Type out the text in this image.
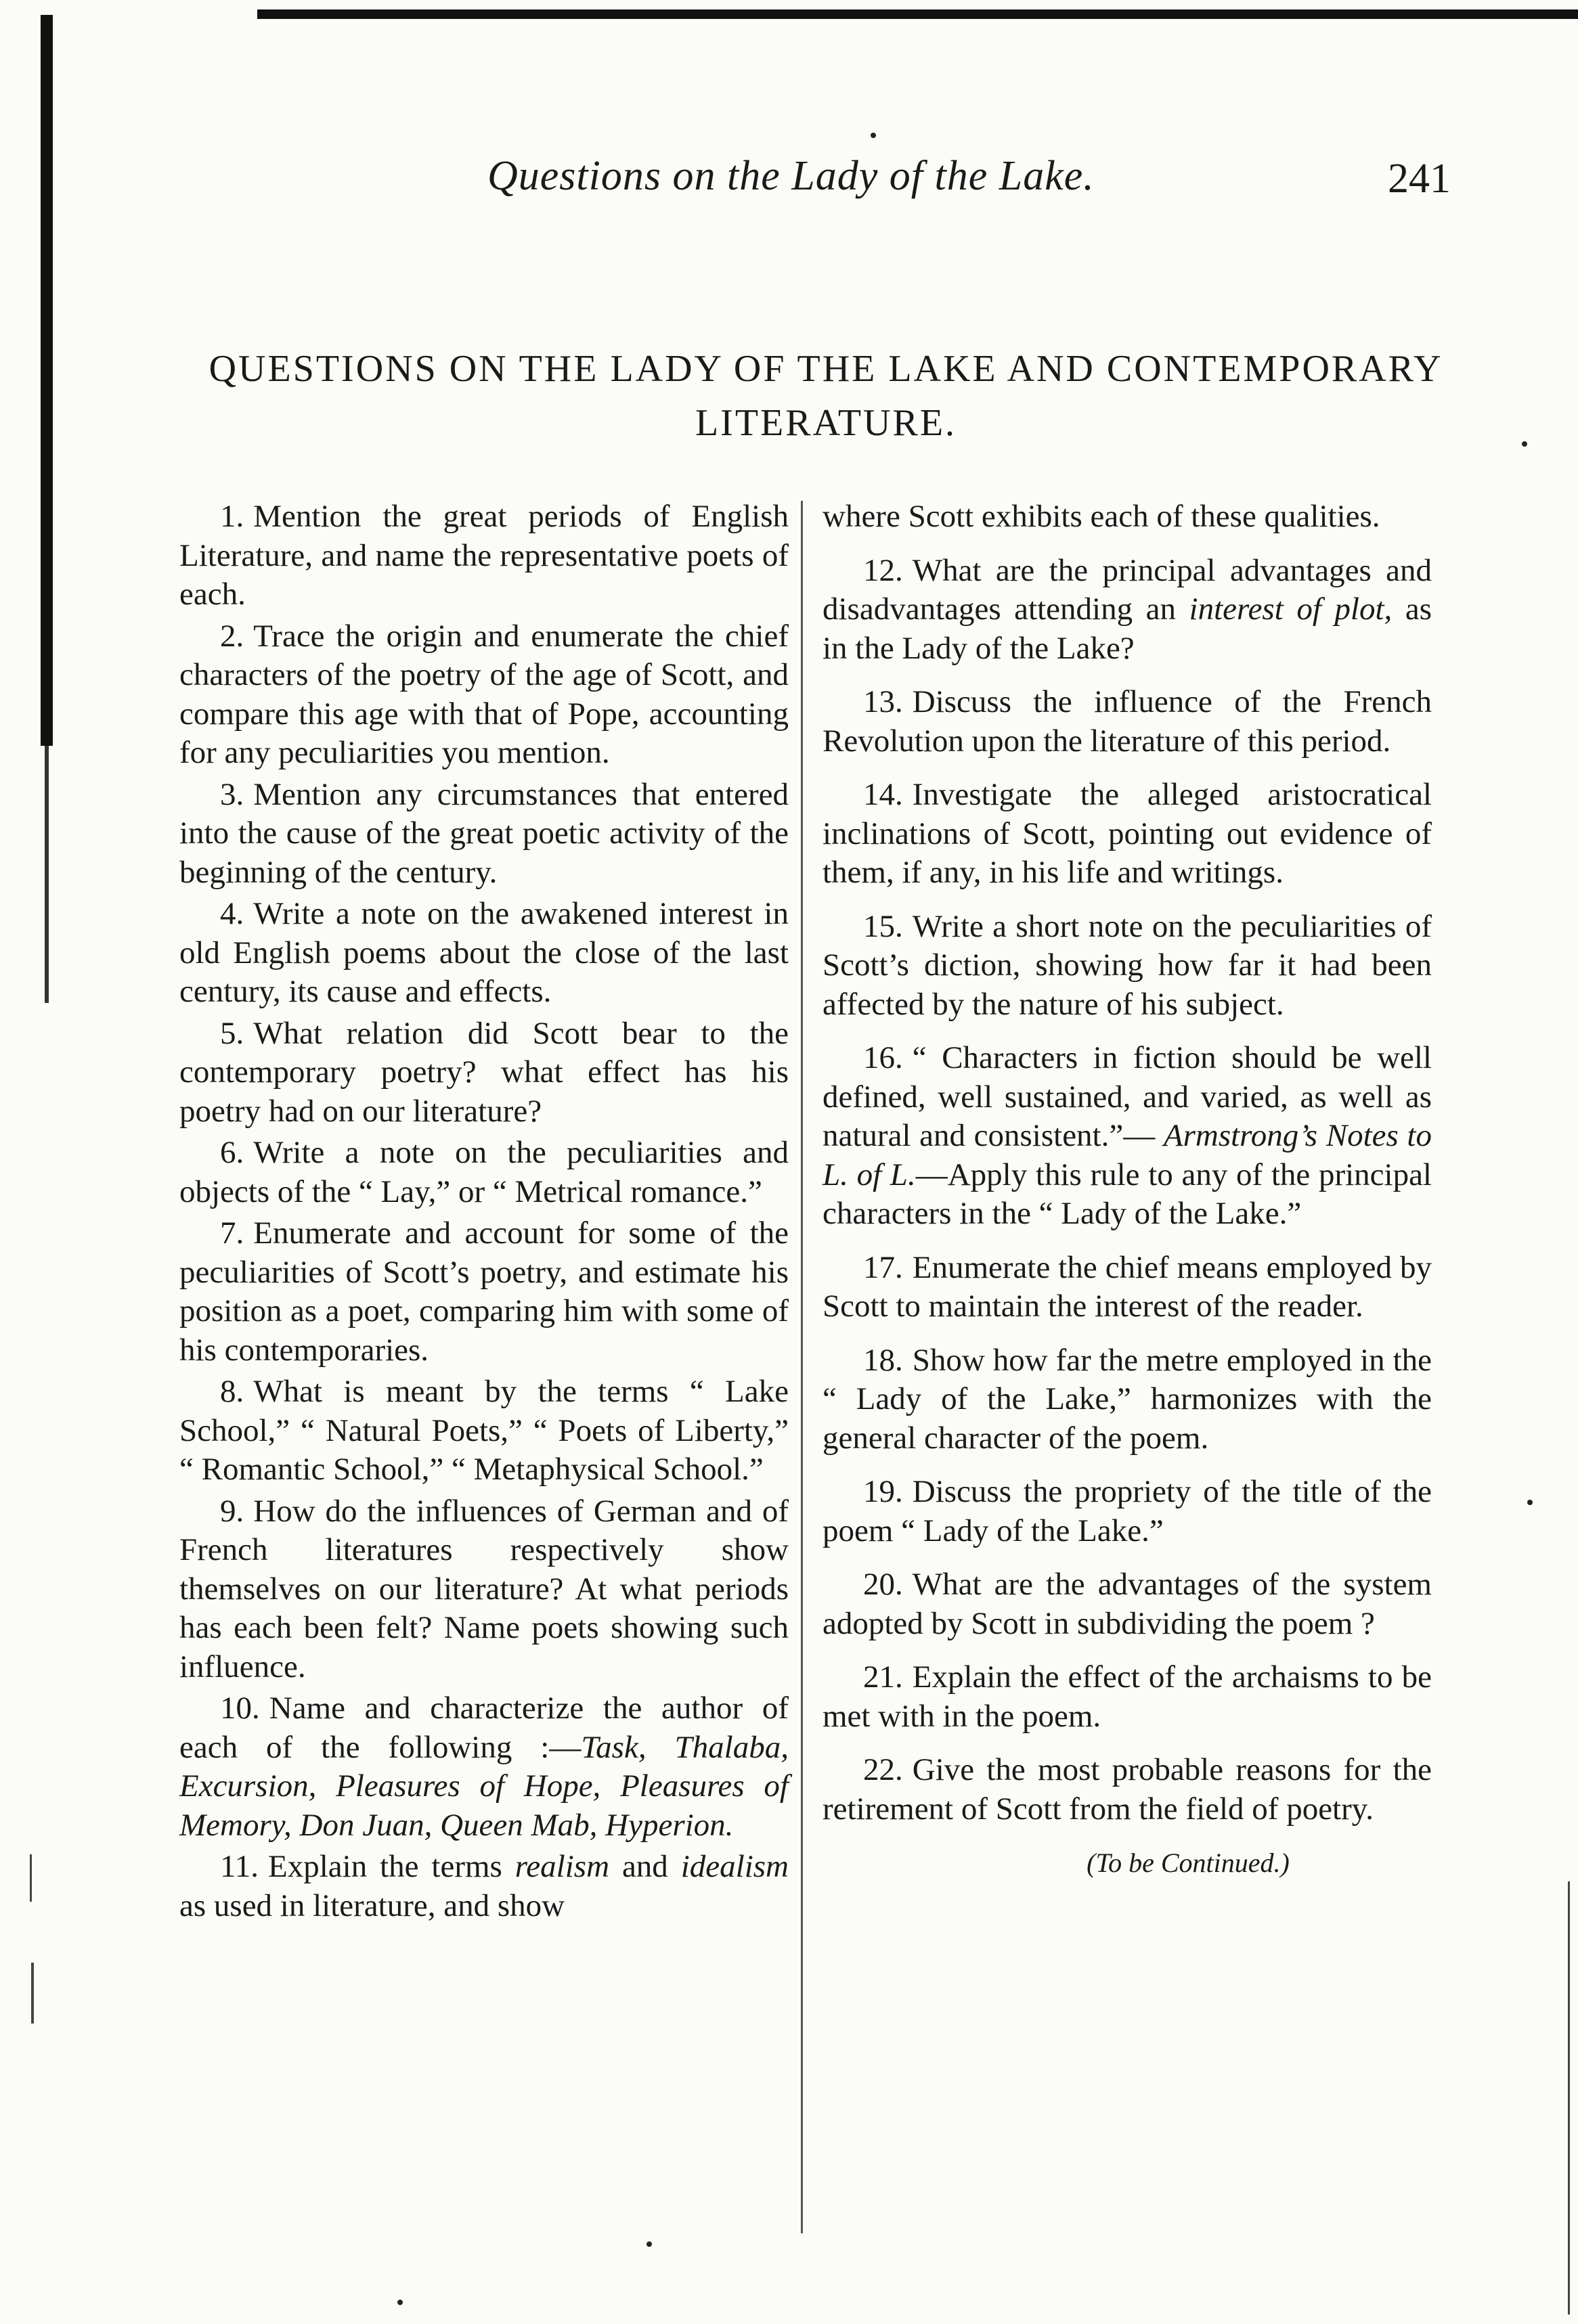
Questions on the Lady of the Lake.	241
QUESTIONS ON THE LADY OF THE LAKE AND CONTEMPORARY LITERATURE.

1. Mention the great periods of English Literature, and name the representative poets of each.

2. Trace the origin and enumerate the chief characters of the poetry of the age of Scott, and compare this age with that of Pope, accounting for any peculiarities you mention.

3. Mention any circumstances that entered into the cause of the great poetic activity of the beginning of the century.

4. Write a note on the awakened interest in old English poems about the close of the last century, its cause and effects.

5. What relation did Scott bear to the contemporary poetry? what effect has his poetry had on our literature?

6. Write a note on the peculiarities and objects of the “ Lay,” or “ Metrical romance.”

7. Enumerate and account for some of the peculiarities of Scott’s poetry, and estimate his position as a poet, comparing him with some of his contemporaries.

8. What is meant by the terms “ Lake School,” “ Natural Poets,” “ Poets of Liberty,” “ Romantic School,” “ Metaphysical School.”

9. How do the influences of German and of French literatures respectively show themselves on our literature? At what periods has each been felt? Name poets showing such influence.

10. Name and characterize the author of each of the following :—Task, Thalaba, Excursion, Pleasures of Hope, Pleasures of Memory, Don Juan, Queen Mab, Hyperion.

11. Explain the terms realism and idealism as used in literature, and show

where Scott exhibits each of these qualities.

12. What are the principal advantages and disadvantages attending an interest of plot, as in the Lady of the Lake?

13. Discuss the influence of the French Revolution upon the literature of this period.

14. Investigate the alleged aristocratical inclinations of Scott, pointing out evidence of them, if any, in his life and writings.

15. Write a short note on the peculiarities of Scott’s diction, showing how far it had been affected by the nature of his subject.

16. “ Characters in fiction should be well defined, well sustained, and varied, as well as natural and consistent.”— Armstrong’s Notes to L. of L.—Apply this rule to any of the principal characters in the “ Lady of the Lake.”

17. Enumerate the chief means employed by Scott to maintain the interest of the reader.

18. Show how far the metre employed in the “ Lady of the Lake,” harmonizes with the general character of the poem.

19. Discuss the propriety of the title of the poem “ Lady of the Lake.”

20. What are the advantages of the system adopted by Scott in subdividing the poem ?

21. Explain the effect of the archaisms to be met with in the poem.

22. Give the most probable reasons for the retirement of Scott from the field of poetry.

(To be Continued.)
